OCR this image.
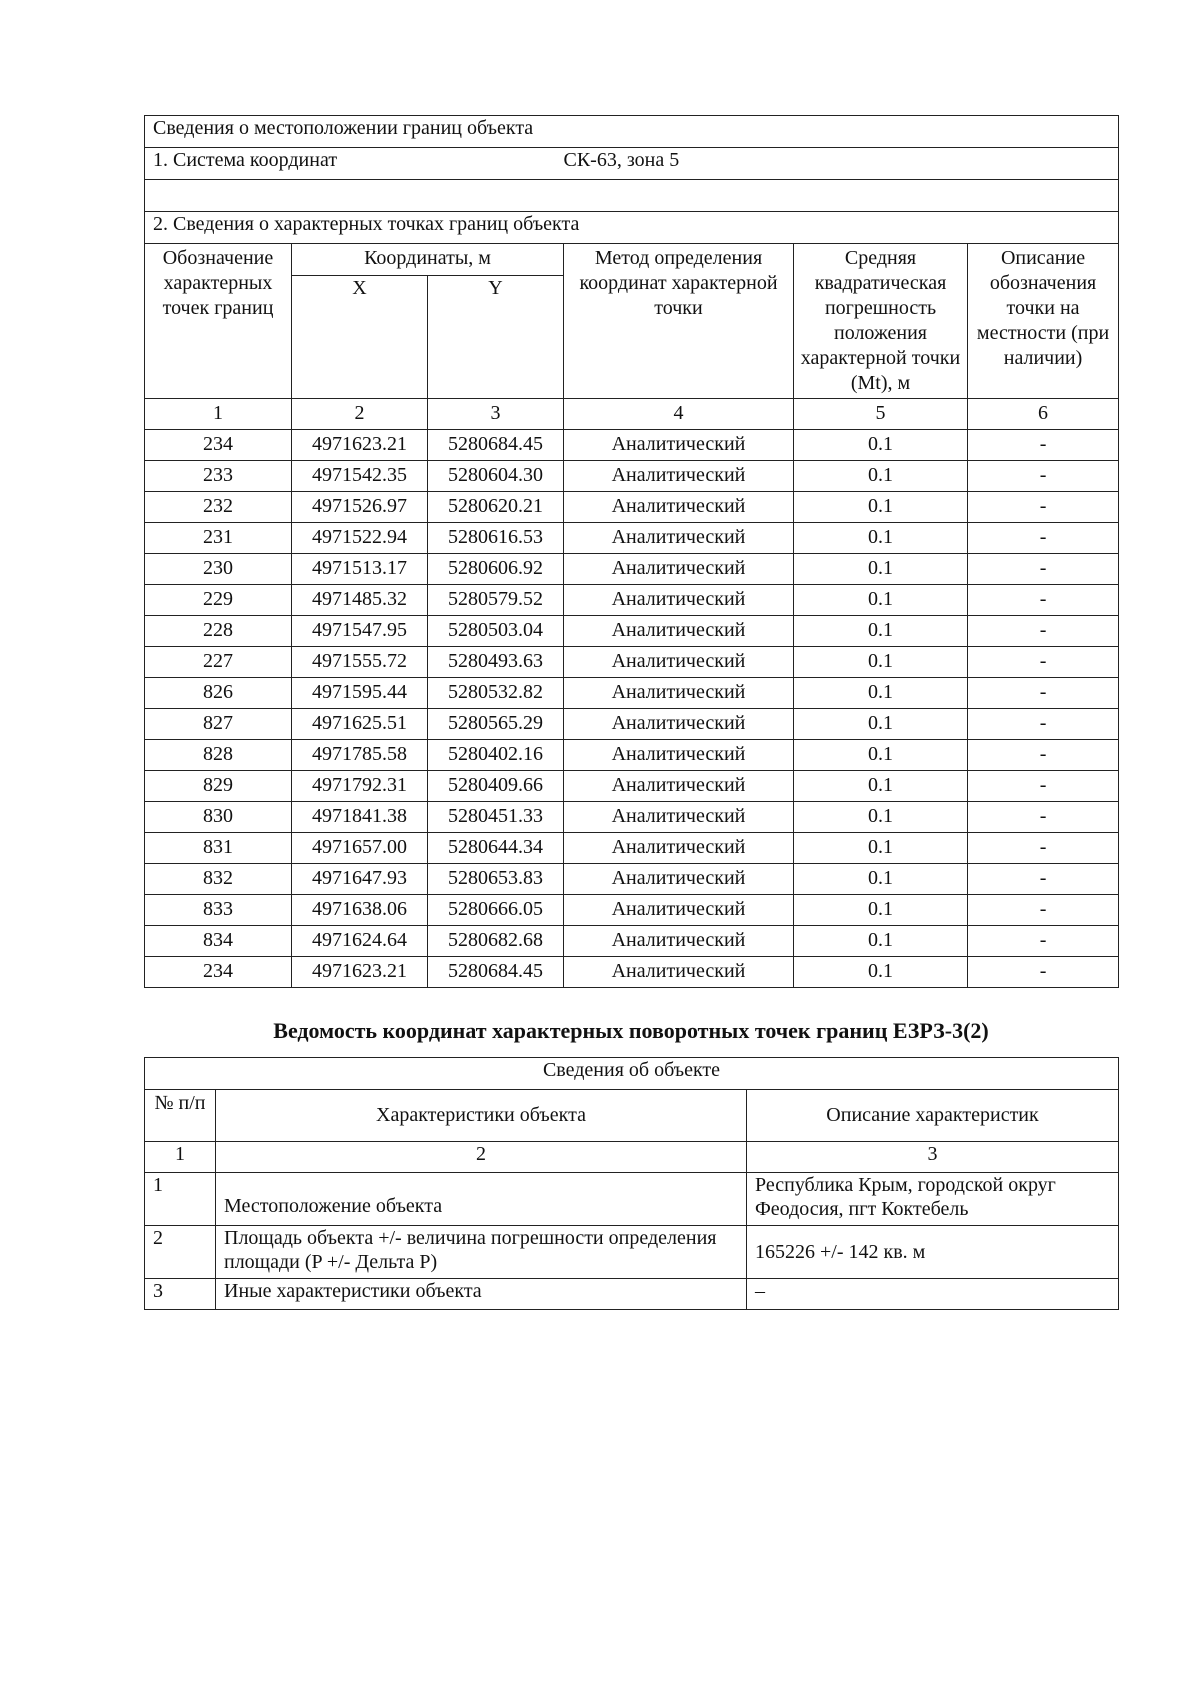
Сведения о местоположении границ объекта					
1. Система координат			СК-63, зона 5		

2. Сведения о характерных точках границ объекта					
Обозначение характерных точек границ	Координаты, м		Метод определения координат характерной точки	Средняя квадратическая погрешность положения характерной точки (Mt), м	Описание обозначения точки на местности (при наличии)
	X	Y			
1	2	3	4	5	6
234	4971623.21	5280684.45	Аналитический	0.1	-
233	4971542.35	5280604.30	Аналитический	0.1	-
232	4971526.97	5280620.21	Аналитический	0.1	-
231	4971522.94	5280616.53	Аналитический	0.1	-
230	4971513.17	5280606.92	Аналитический	0.1	-
229	4971485.32	5280579.52	Аналитический	0.1	-
228	4971547.95	5280503.04	Аналитический	0.1	-
227	4971555.72	5280493.63	Аналитический	0.1	-
826	4971595.44	5280532.82	Аналитический	0.1	-
827	4971625.51	5280565.29	Аналитический	0.1	-
828	4971785.58	5280402.16	Аналитический	0.1	-
829	4971792.31	5280409.66	Аналитический	0.1	-
830	4971841.38	5280451.33	Аналитический	0.1	-
831	4971657.00	5280644.34	Аналитический	0.1	-
832	4971647.93	5280653.83	Аналитический	0.1	-
833	4971638.06	5280666.05	Аналитический	0.1	-
834	4971624.64	5280682.68	Аналитический	0.1	-
234	4971623.21	5280684.45	Аналитический	0.1	-
Ведомость координат характерных поворотных точек границ ЕЗРЗ-3(2)
Сведения об объекте		
№ п/п	Характеристики объекта	Описание характеристик
1	2	3
1	Местоположение объекта	Республика Крым, городской округ Феодосия, пгт Коктебель
2	Площадь объекта +/- величина погрешности определения площади (P +/- Дельта P)	165226 +/- 142 кв. м
3	Иные характеристики объекта	–
